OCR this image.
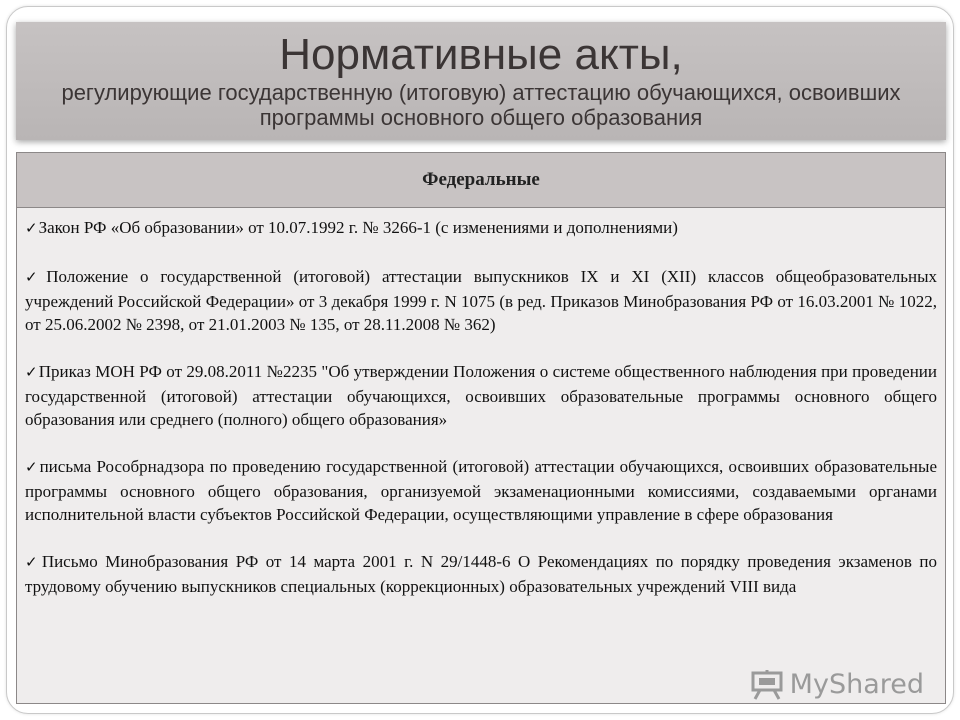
Нормативные акты,
регулирующие государственную (итоговую) аттестацию обучающихся, освоивших программы основного общего образования
Федеральные
✓Закон РФ «Об образовании» от 10.07.1992 г. № 3266-1 (с изменениями и дополнениями)
✓Положение о государственной (итоговой) аттестации выпускников IX и XI (XII) классов общеобразовательных учреждений Российской Федерации» от 3 декабря 1999 г. N 1075 (в ред. Приказов Минобразования РФ от 16.03.2001 № 1022, от 25.06.2002 № 2398, от 21.01.2003 № 135, от 28.11.2008 № 362)
✓Приказ МОН РФ от 29.08.2011 №2235 "Об утверждении Положения о системе общественного наблюдения при проведении государственной (итоговой) аттестации обучающихся, освоивших образовательные программы основного общего образования или среднего (полного) общего образования»
✓письма Рособрнадзора по проведению государственной (итоговой) аттестации обучающихся, освоивших образовательные программы основного общего образования, организуемой экзаменационными комиссиями, создаваемыми органами исполнительной власти субъектов Российской Федерации, осуществляющими управление в сфере образования
✓Письмо Минобразования РФ от 14 марта 2001 г. N 29/1448-6 О Рекомендациях по порядку проведения экзаменов по трудовому обучению выпускников специальных (коррекционных) образовательных учреждений VIII вида
MyShared
